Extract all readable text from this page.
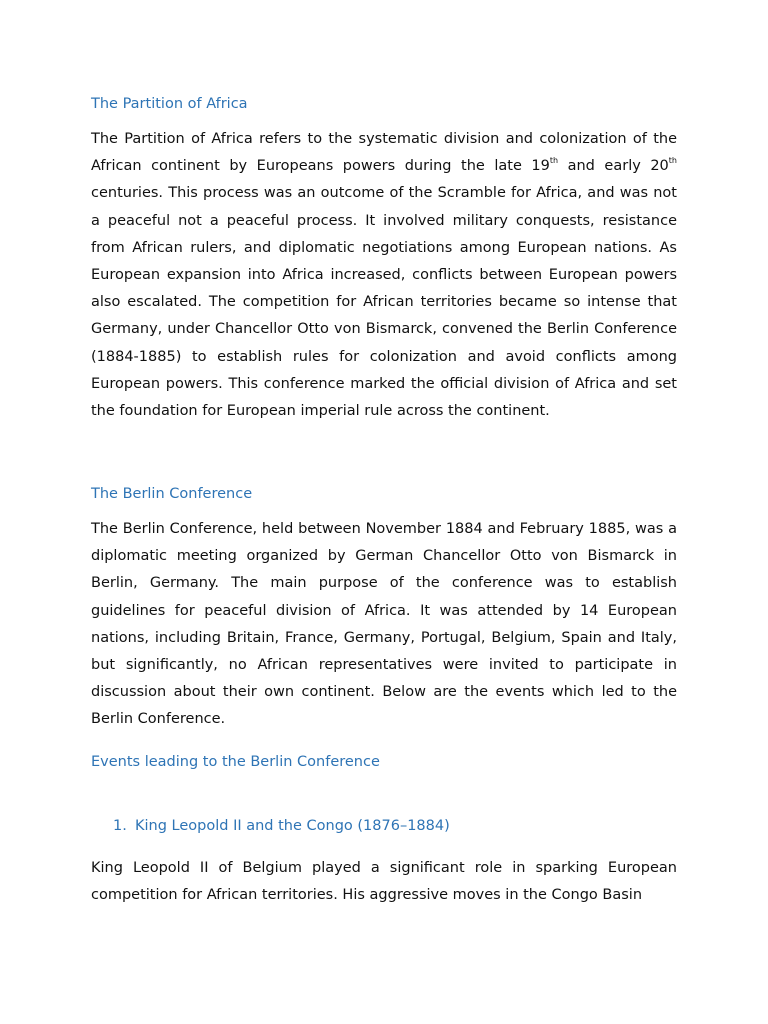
The Partition of Africa

The Partition of Africa refers to the systematic division and colonization of the African continent by Europeans powers during the late 19th and early 20th centuries. This process was an outcome of the Scramble for Africa, and was not a peaceful not a peaceful process. It involved military conquests, resistance from African rulers, and diplomatic negotiations among European nations. As European expansion into Africa increased, conflicts between European powers also escalated. The competition for African territories became so intense that Germany, under Chancellor Otto von Bismarck, convened the Berlin Conference (1884-1885) to establish rules for colonization and avoid conflicts among European powers. This conference marked the official division of Africa and set the foundation for European imperial rule across the continent.

The Berlin Conference

The Berlin Conference, held between November 1884 and February 1885, was a diplomatic meeting organized by German Chancellor Otto von Bismarck in Berlin, Germany. The main purpose of the conference was to establish guidelines for peaceful division of Africa. It was attended by 14 European nations, including Britain, France, Germany, Portugal, Belgium, Spain and Italy, but significantly, no African representatives were invited to participate in discussion about their own continent. Below are the events which led to the Berlin Conference.

Events leading to the Berlin Conference
1. King Leopold II and the Congo (1876–1884)

King Leopold II of Belgium played a significant role in sparking European competition for African territories. His aggressive moves in the Congo Basin
